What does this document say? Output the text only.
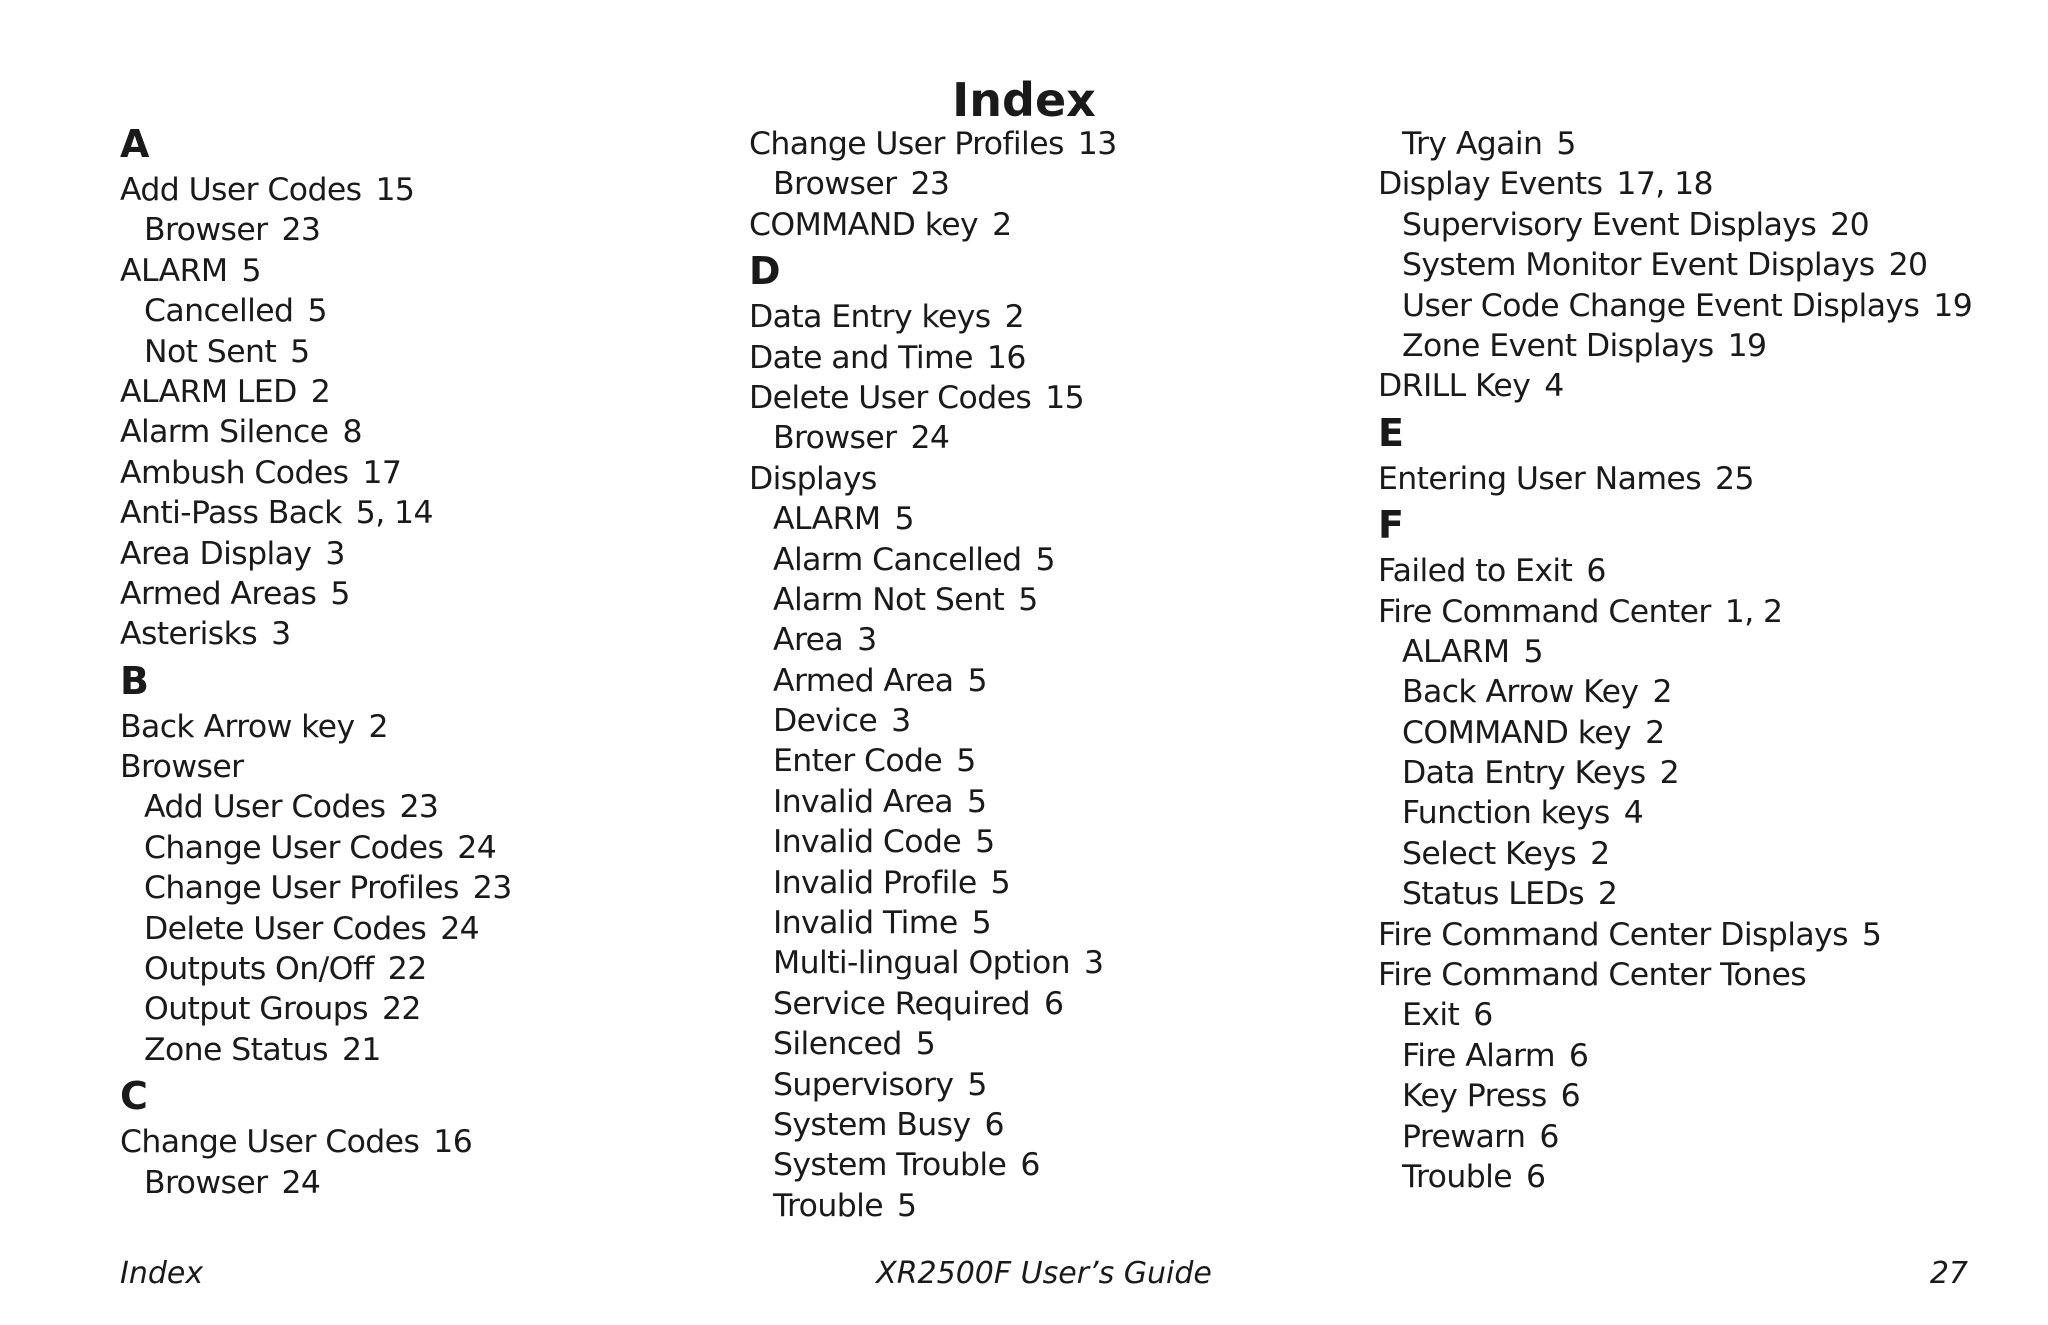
Index
A
Add User Codes 15
Browser 23
ALARM 5
Cancelled 5
Not Sent 5
ALARM LED 2
Alarm Silence 8
Ambush Codes 17
Anti-Pass Back 5, 14
Area Display 3
Armed Areas 5
Asterisks 3
B
Back Arrow key 2
Browser
Add User Codes 23
Change User Codes 24
Change User Profiles 23
Delete User Codes 24
Outputs On/Off 22
Output Groups 22
Zone Status 21
C
Change User Codes 16
Browser 24
Change User Profiles 13
Browser 23
COMMAND key 2
D
Data Entry keys 2
Date and Time 16
Delete User Codes 15
Browser 24
Displays
ALARM 5
Alarm Cancelled 5
Alarm Not Sent 5
Area 3
Armed Area 5
Device 3
Enter Code 5
Invalid Area 5
Invalid Code 5
Invalid Profile 5
Invalid Time 5
Multi-lingual Option 3
Service Required 6
Silenced 5
Supervisory 5
System Busy 6
System Trouble 6
Trouble 5
Try Again 5
Display Events 17, 18
Supervisory Event Displays 20
System Monitor Event Displays 20
User Code Change Event Displays 19
Zone Event Displays 19
DRILL Key 4
E
Entering User Names 25
F
Failed to Exit 6
Fire Command Center 1, 2
ALARM 5
Back Arrow Key 2
COMMAND key 2
Data Entry Keys 2
Function keys 4
Select Keys 2
Status LEDs 2
Fire Command Center Displays 5
Fire Command Center Tones
Exit 6
Fire Alarm 6
Key Press 6
Prewarn 6
Trouble 6
Index	XR2500F User’s Guide	27
